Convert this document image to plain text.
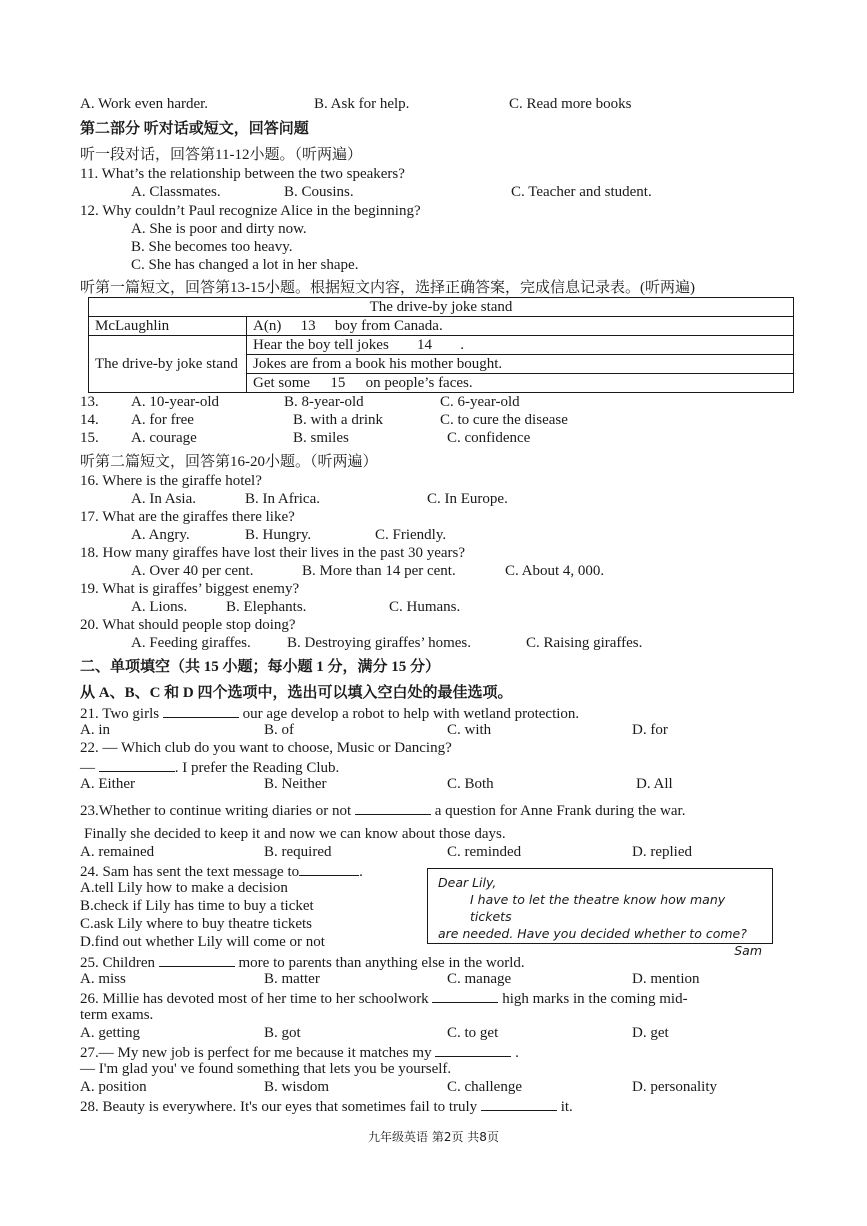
A. Work even harder.	B. Ask for help.	C. Read more books
第二部分 听对话或短文，回答问题
听一段对话，回答第11-12小题。（听两遍）
11. What’s the relationship between the two speakers?
A. Classmates.	B. Cousins.	C. Teacher and student.
12. Why couldn’t Paul recognize Alice in the beginning?
A. She is poor and dirty now.
B. She becomes too heavy.
C. She has changed a lot in her shape.
听第一篇短文，回答第13-15小题。根据短文内容，选择正确答案，完成信息记录表。(听两遍)
The drive-by joke stand	
McLaughlin	A(n) 13 boy from Canada.
The drive-by joke stand	Hear the boy tell jokes 14 .
	Jokes are from a book his mother bought.
	Get some 15 on people’s faces.
13. A. 10-year-old	B. 8-year-old	C. 6-year-old
14. A. for free	B. with a drink	C. to cure the disease
15. A. courage	B. smiles	C. confidence
听第二篇短文，回答第16-20小题。（听两遍）
16. Where is the giraffe hotel?
A. In Asia.	B. In Africa.	C. In Europe.
17. What are the giraffes there like?
A. Angry.	B. Hungry.	C. Friendly.
18. How many giraffes have lost their lives in the past 30 years?
A. Over 40 per cent.	B. More than 14 per cent.	C. About 4, 000.
19. What is giraffes’ biggest enemy?
A. Lions.	B. Elephants.	C. Humans.
20. What should people stop doing?
A. Feeding giraffes. B. Destroying giraffes’ homes.	C. Raising giraffes.
二、单项填空（共 15 小题；每小题 1 分，满分 15 分）
从 A、B、C 和 D 四个选项中，选出可以填入空白处的最佳选项。
21. Two girls	our age develop a robot to help with wetland protection.
A. in	B. of	C. with	D. for
22. — Which club do you want to choose, Music or Dancing?
—	. I prefer the Reading Club.
A. Either	B. Neither	C. Both	D. All
23.Whether to continue writing diaries or not	a question for Anne Frank during the war.
Finally she decided to keep it and now we can know about those days.
A. remained	B. required	C. reminded	D. replied
24. Sam has sent the text message to	.
A.tell Lily how to make a decision
B.check if Lily has time to buy a ticket
C.ask Lily where to buy theatre tickets
D.find out whether Lily will come or not
Dear Lily,
I have to let the theatre know how many tickets
are needed. Have you decided whether to come?
Sam
25. Children	more to parents than anything else in the world.
A. miss	B. matter	C. manage	D. mention
26. Millie has devoted most of her time to her schoolwork	high marks in the coming mid-
term exams.
A. getting	B. got	C. to get	D. get
27.— My new job is perfect for me because it matches my	.
— I'm glad you' ve found something that lets you be yourself.
A. position	B. wisdom	C. challenge	D. personality
28. Beauty is everywhere. It's our eyes that sometimes fail to truly	it.
九年级英语 第2页 共8页
